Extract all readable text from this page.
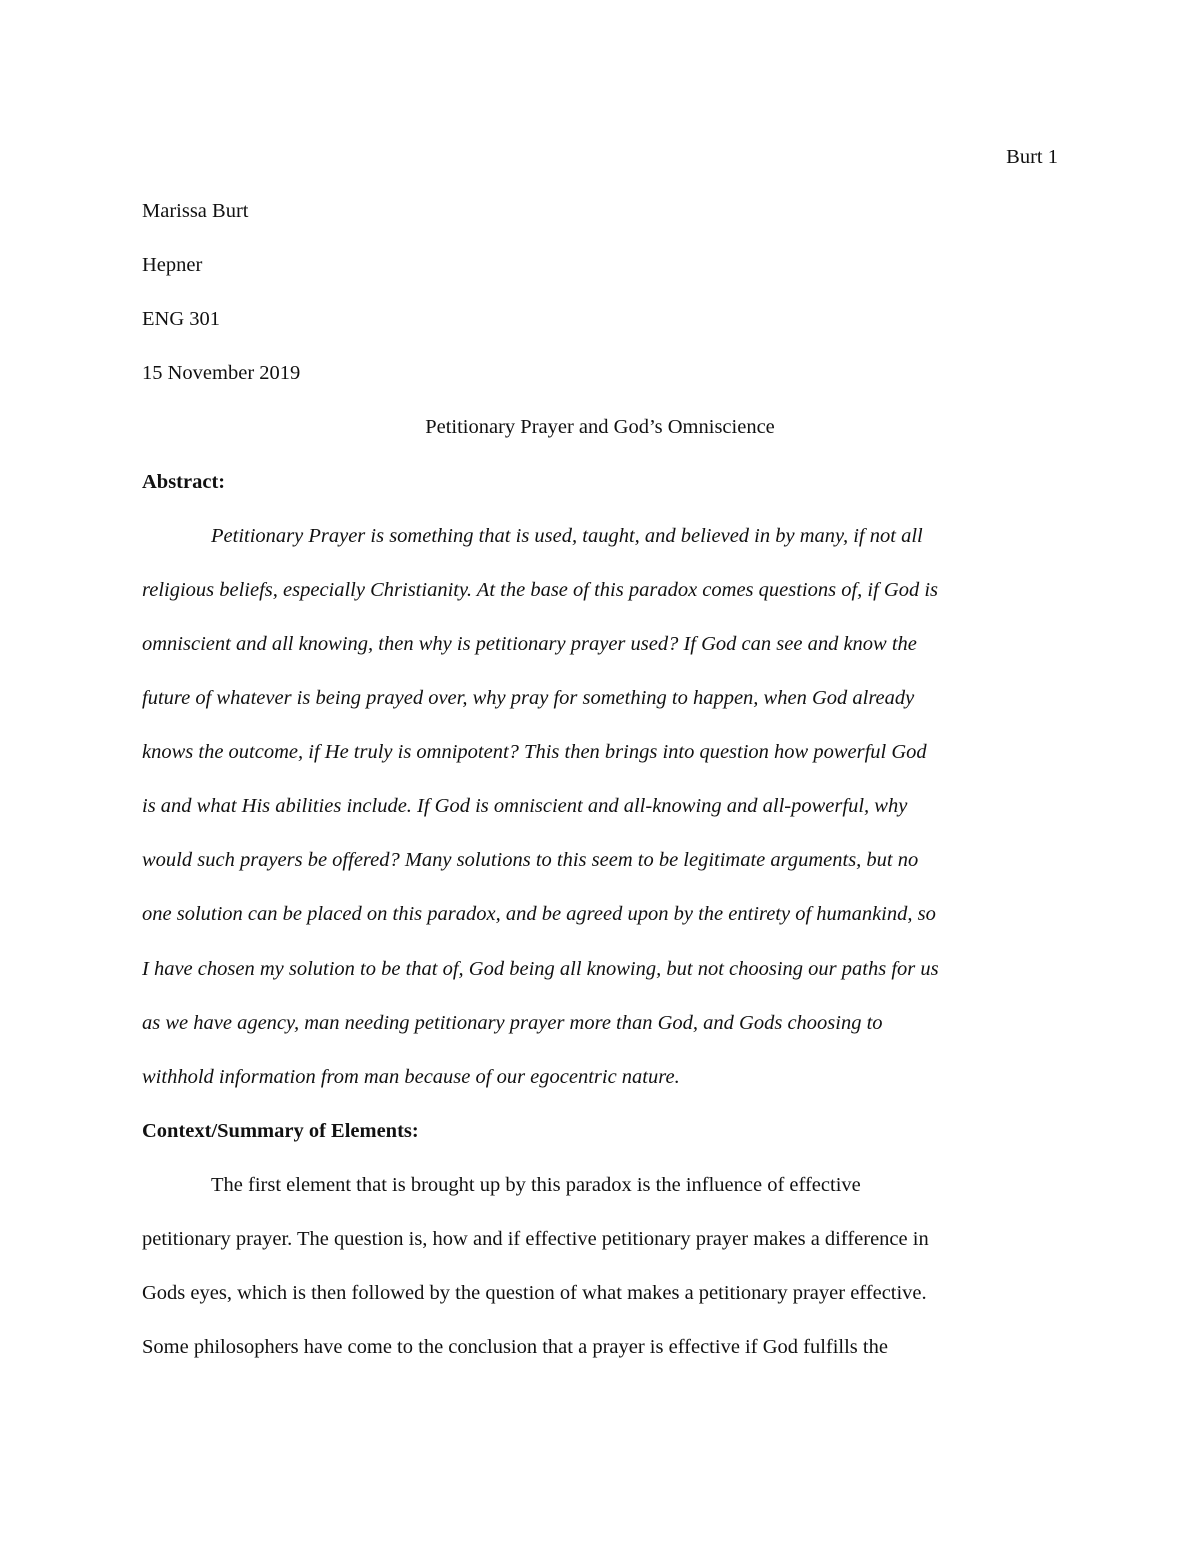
Burt 1
Marissa Burt
Hepner
ENG 301
15 November 2019
Petitionary Prayer and God’s Omniscience
Abstract:
Petitionary Prayer is something that is used, taught, and believed in by many, if not all
religious beliefs, especially Christianity. At the base of this paradox comes questions of, if God is
omniscient and all knowing, then why is petitionary prayer used? If God can see and know the
future of whatever is being prayed over, why pray for something to happen, when God already
knows the outcome, if He truly is omnipotent? This then brings into question how powerful God
is and what His abilities include. If God is omniscient and all-knowing and all-powerful, why
would such prayers be offered? Many solutions to this seem to be legitimate arguments, but no
one solution can be placed on this paradox, and be agreed upon by the entirety of humankind, so
I have chosen my solution to be that of, God being all knowing, but not choosing our paths for us
as we have agency, man needing petitionary prayer more than God, and Gods choosing to
withhold information from man because of our egocentric nature.
Context/Summary of Elements:
The first element that is brought up by this paradox is the influence of effective
petitionary prayer. The question is, how and if effective petitionary prayer makes a difference in
Gods eyes, which is then followed by the question of what makes a petitionary prayer effective.
Some philosophers have come to the conclusion that a prayer is effective if God fulfills the
